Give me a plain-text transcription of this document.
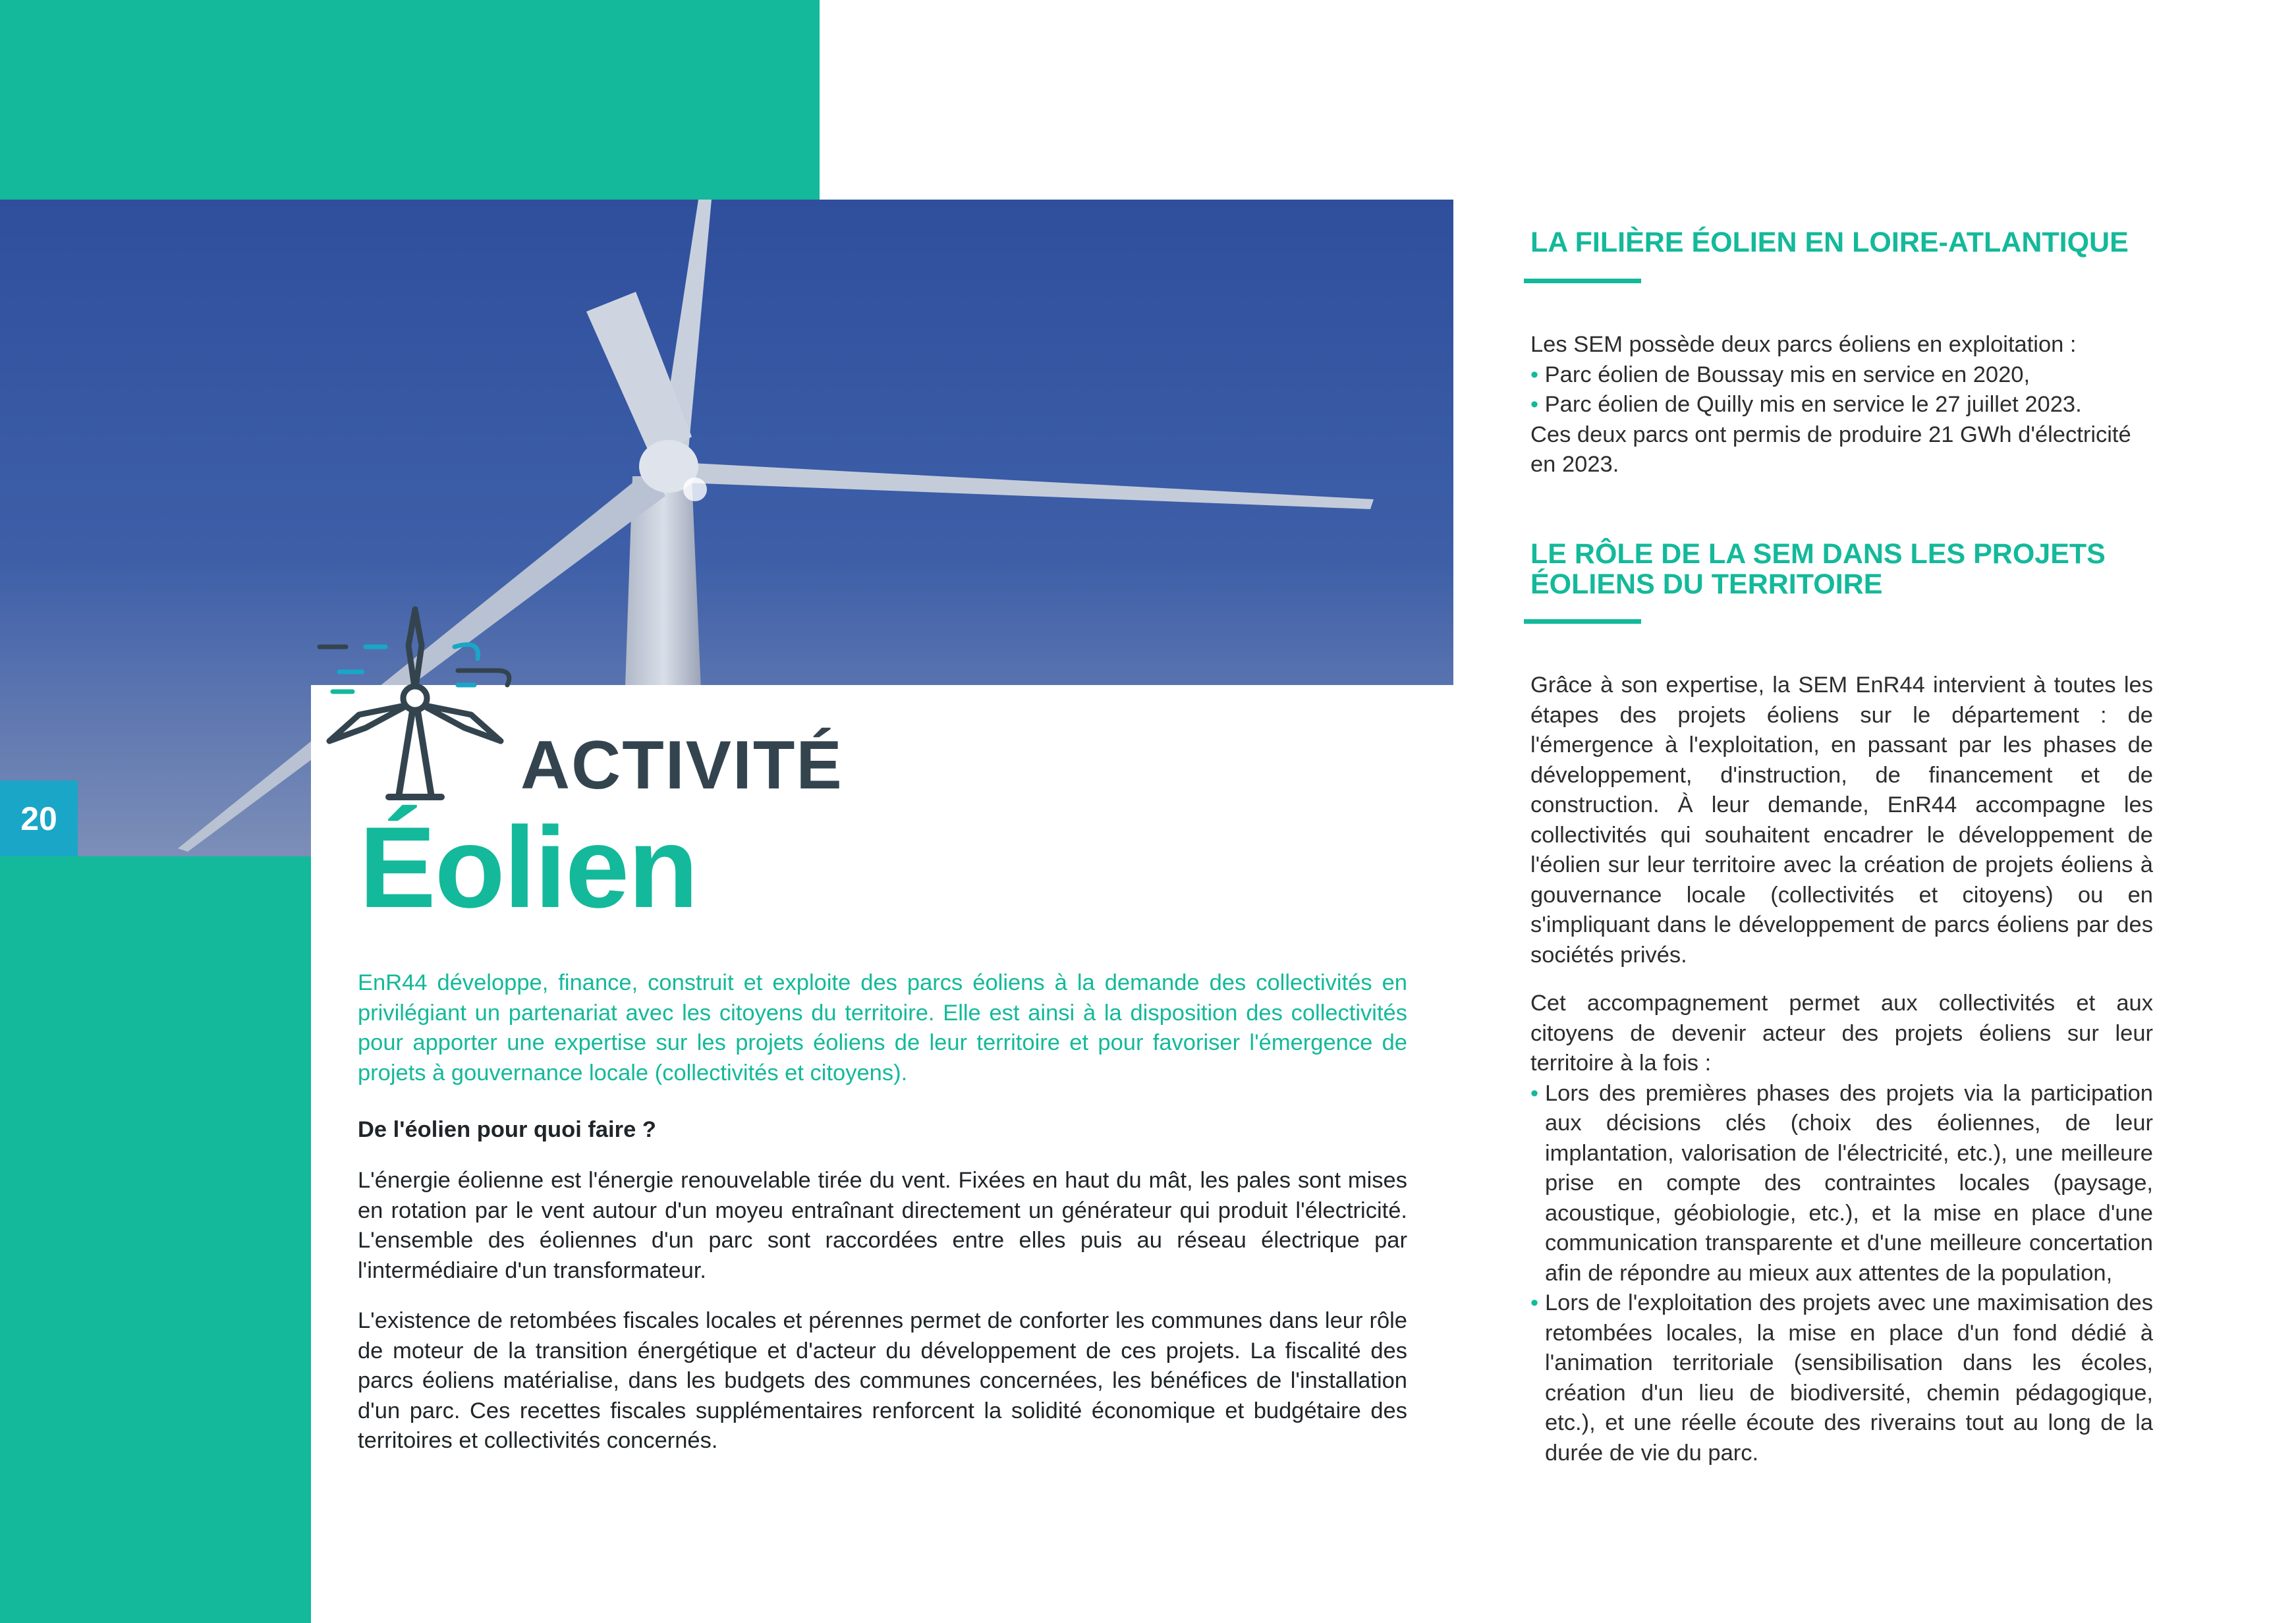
20
ACTIVITÉ
Éolien
EnR44 développe, finance, construit et exploite des parcs éoliens à la demande des collectivités en privilégiant un partenariat avec les citoyens du territoire. Elle est ainsi à la disposition des collectivités pour apporter une expertise sur les projets éoliens de leur territoire et pour favoriser l'émergence de projets à gouvernance locale (collectivités et citoyens).
De l'éolien pour quoi faire ?
L'énergie éolienne est l'énergie renouvelable tirée du vent. Fixées en haut du mât, les pales sont mises en rotation par le vent autour d'un moyeu entraînant directement un générateur qui produit l'électricité. L'ensemble des éoliennes d'un parc sont raccordées entre elles puis au réseau électrique par l'intermédiaire d'un transformateur.
L'existence de retombées fiscales locales et pérennes permet de conforter les communes dans leur rôle de moteur de la transition énergétique et d'acteur du développement de ces projets. La fiscalité des parcs éoliens matérialise, dans les budgets des communes concernées, les bénéfices de l'installation d'un parc. Ces recettes fiscales supplémentaires renforcent la solidité économique et budgétaire des territoires et collectivités concernés.
LA FILIÈRE ÉOLIEN EN LOIRE-ATLANTIQUE

Les SEM possède deux parcs éoliens en exploitation :

• Parc éolien de Boussay mis en service en 2020,

• Parc éolien de Quilly mis en service le 27 juillet 2023.

Ces deux parcs ont permis de produire 21 GWh d'électricité en 2023.

LE RÔLE DE LA SEM DANS LES PROJETS ÉOLIENS DU TERRITOIRE

Grâce à son expertise, la SEM EnR44 intervient à toutes les étapes des projets éoliens sur le département : de l'émergence à l'exploitation, en passant par les phases de développement, d'instruction, de financement et de construction. À leur demande, EnR44 accompagne les collectivités qui souhaitent encadrer le développement de l'éolien sur leur territoire avec la création de projets éoliens à gouvernance locale (collectivités et citoyens) ou en s'impliquant dans le développement de parcs éoliens par des sociétés privés.

Cet accompagnement permet aux collectivités et aux citoyens de devenir acteur des projets éoliens sur leur territoire à la fois :

• Lors des premières phases des projets via la participation aux décisions clés (choix des éoliennes, de leur implantation, valorisation de l'électricité, etc.), une meilleure prise en compte des contraintes locales (paysage, acoustique, géobiologie, etc.), et la mise en place d'une communication transparente et d'une meilleure concertation afin de répondre au mieux aux attentes de la population,
• Lors de l'exploitation des projets avec une maximisation des retombées locales, la mise en place d'un fond dédié à l'animation territoriale (sensibilisation dans les écoles, création d'un lieu de biodiversité, chemin pédagogique, etc.), et une réelle écoute des riverains tout au long de la durée de vie du parc.
